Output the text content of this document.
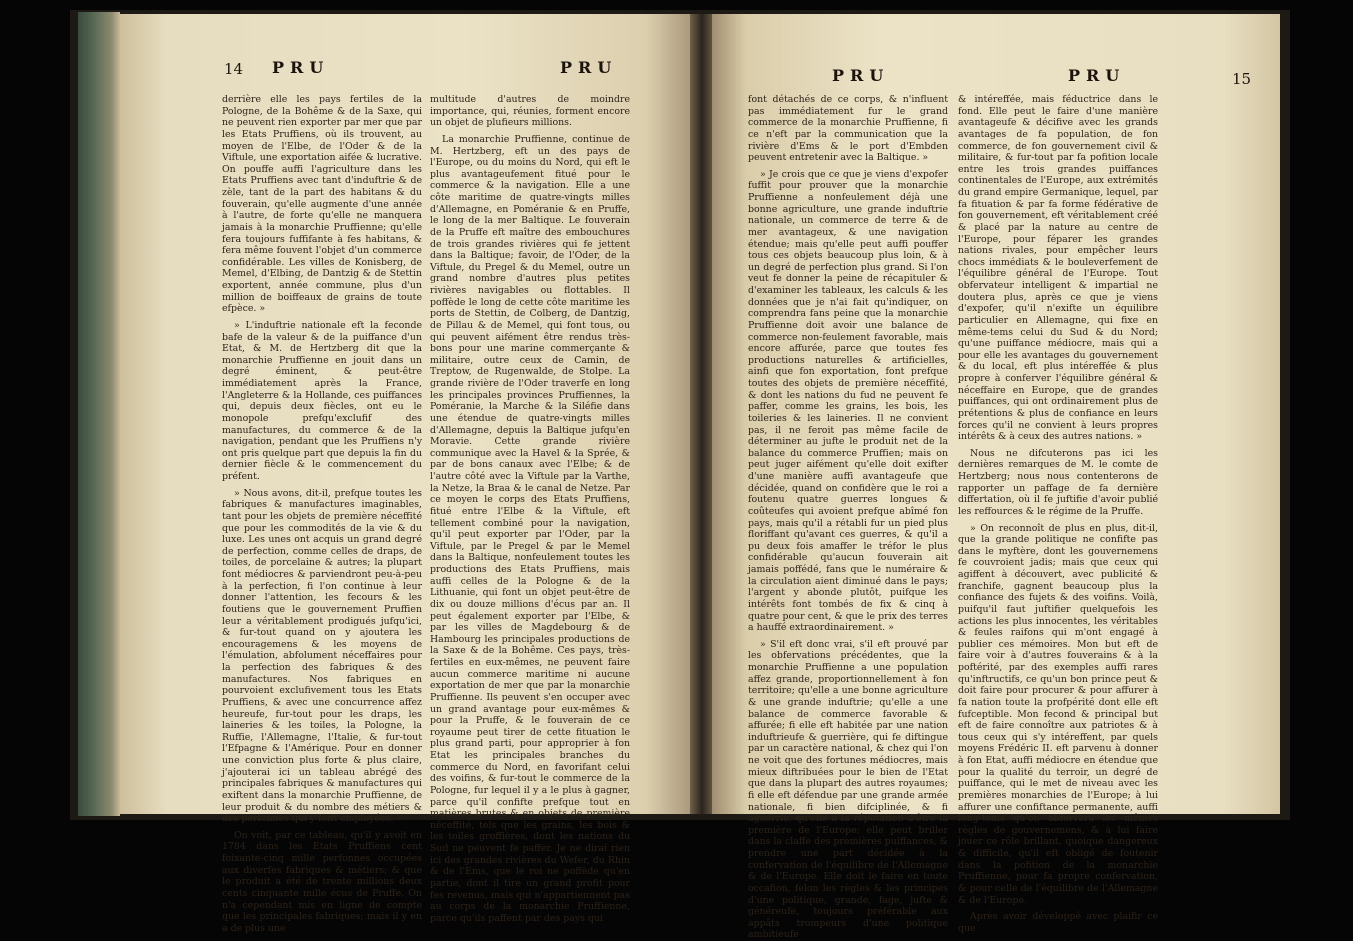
14 PRU	PRU

derrière elle les pays fertiles de la Pologne, de la Bohême & de la Saxe, qui ne peuvent rien exporter par mer que par les Etats Pruffiens, où ils trouvent, au moyen de l'Elbe, de l'Oder & de la Viftule, une exportation aifée & lucrative. On pouffe auffi l'agriculture dans les Etats Pruffiens avec tant d'induftrie & de zèle, tant de la part des habitans & du fouverain, qu'elle augmente d'une année à l'autre, de forte qu'elle ne manquera jamais à la monarchie Pruffienne; qu'elle fera toujours fuffifante à fes habitans, & fera même fouvent l'objet d'un commerce confidérable. Les villes de Konisberg, de Memel, d'Elbing, de Dantzig & de Stettin exportent, année commune, plus d'un million de boiffeaux de grains de toute efpèce. »

» L'induftrie nationale eft la feconde bafe de la valeur & de la puiffance d'un Etat, & M. de Hertzberg dit que la monarchie Pruffienne en jouit dans un degré éminent, & peut-être immédiatement après la France, l'Angleterre & la Hollande, ces puiffances qui, depuis deux fiècles, ont eu le monopole prefqu'exclufif des manufactures, du commerce & de la navigation, pendant que les Pruffiens n'y ont pris quelque part que depuis la fin du dernier fiècle & le commencement du préfent.

» Nous avons, dit-il, prefque toutes les fabriques & manufactures imaginables, tant pour les objets de première néceffité que pour les commodités de la vie & du luxe. Les unes ont acquis un grand degré de perfection, comme celles de draps, de toiles, de porcelaine & autres; la plupart font médiocres & parviendront peu-à-peu à la perfection, fi l'on continue à leur donner l'attention, les fecours & les foutiens que le gouvernement Pruffien leur a véritablement prodigués jufqu'ici, & fur-tout quand on y ajoutera les encouragemens & les moyens de l'émulation, abfolument néceffaires pour la perfection des fabriques & des manufactures. Nos fabriques en pourvoient exclufivement tous les Etats Pruffiens, & avec une concurrence affez heureufe, fur-tout pour les draps, les laineries & les toiles, la Pologne, la Ruffie, l'Allemagne, l'Italie, & fur-tout l'Efpagne & l'Amérique. Pour en donner une conviction plus forte & plus claire, j'ajouterai ici un tableau abrégé des principales fabriques & manufactures qui exiftent dans la monarchie Pruffienne, de leur produit & du nombre des métiers & des perfonnes qui y font employées. »

On voit, par ce tableau, qu'il y avoit en 1784 dans les Etats Pruffiens cent foixante-cinq mille perfonnes occupées aux diverfes fabriques & métiers; & que le produit a été de trente millions deux cents cinquante mille écus de Pruffe. On n'a cependant mis en ligne de compte que les principales fabriques; mais il y en a de plus une

multitude d'autres de moindre importance, qui, réunies, forment encore un objet de plufieurs millions.

La monarchie Pruffienne, continue de M. Hertzberg, eft un des pays de l'Europe, ou du moins du Nord, qui eft le plus avantageufement fitué pour le commerce & la navigation. Elle a une côte maritime de quatre-vingts milles d'Allemagne, en Poméranie & en Pruffe, le long de la mer Baltique. Le fouverain de la Pruffe eft maître des embouchures de trois grandes rivières qui fe jettent dans la Baltique; favoir, de l'Oder, de la Viftule, du Pregel & du Memel, outre un grand nombre d'autres plus petites rivières navigables ou flottables. Il poffède le long de cette côte maritime les ports de Stettin, de Colberg, de Dantzig, de Pillau & de Memel, qui font tous, ou qui peuvent aifément être rendus très-bons pour une marine commerçante & militaire, outre ceux de Camin, de Treptow, de Rugenwalde, de Stolpe. La grande rivière de l'Oder traverfe en long les principales provinces Pruffiennes, la Poméranie, la Marche & la Siléfie dans une étendue de quatre-vingts milles d'Allemagne, depuis la Baltique jufqu'en Moravie. Cette grande rivière communique avec la Havel & la Sprée, & par de bons canaux avec l'Elbe; & de l'autre côté avec la Viftule par la Varthe, la Netze, la Braa & le canal de Netze. Par ce moyen le corps des Etats Pruffiens, fitué entre l'Elbe & la Viftule, eft tellement combiné pour la navigation, qu'il peut exporter par l'Oder, par la Viftule, par le Pregel & par le Memel dans la Baltique, nonfeulement toutes les productions des Etats Pruffiens, mais auffi celles de la Pologne & de la Lithuanie, qui font un objet peut-être de dix ou douze millions d'écus par an. Il peut également exporter par l'Elbe, & par les villes de Magdebourg & de Hambourg les principales productions de la Saxe & de la Bohême. Ces pays, très-fertiles en eux-mêmes, ne peuvent faire aucun commerce maritime ni aucune exportation de mer que par la monarchie Pruffienne. Ils peuvent s'en occuper avec un grand avantage pour eux-mêmes & pour la Pruffe, & le fouverain de ce royaume peut tirer de cette fituation le plus grand parti, pour approprier à fon Etat les principales branches du commerce du Nord, en favorifant celui des voifins, & fur-tout le commerce de la Pologne, fur lequel il y a le plus à gagner, parce qu'il confifte prefque tout en matières brutes & en objets de première néceffité, tels que les grains, les bois & les toiles groffières, dont les nations du Sud ne peuvent fe paffer. Je ne dirai rien ici des grandes rivières du Wefer, du Rhin & de l'Ems, que le roi ne poffède qu'en partie, dont il tire un grand profit pour fes revenus, mais qui n'appartiennent pas au corps de la monarchie Pruffienne, parce qu'ils paffent par des pays qui

PRU	PRU	15

font détachés de ce corps, & n'influent pas immédiatement fur le grand commerce de la monarchie Pruffienne, fi ce n'eft par la communication que la rivière d'Ems & le port d'Embden peuvent entretenir avec la Baltique. »

» Je crois que ce que je viens d'expofer fuffit pour prouver que la monarchie Pruffienne a nonfeulement déjà une bonne agriculture, une grande induftrie nationale, un commerce de terre & de mer avantageux, & une navigation étendue; mais qu'elle peut auffi pouffer tous ces objets beaucoup plus loin, & à un degré de perfection plus grand. Si l'on veut fe donner la peine de récapituler & d'examiner les tableaux, les calculs & les données que je n'ai fait qu'indiquer, on comprendra fans peine que la monarchie Pruffienne doit avoir une balance de commerce non-feulement favorable, mais encore affurée, parce que toutes fes productions naturelles & artificielles, ainfi que fon exportation, font prefque toutes des objets de première néceffité, & dont les nations du fud ne peuvent fe paffer, comme les grains, les bois, les toileries & les laineries. Il ne convient pas, il ne feroit pas même facile de déterminer au jufte le produit net de la balance du commerce Pruffien; mais on peut juger aifément qu'elle doit exifter d'une manière auffi avantageufe que décidée, quand on confidère que le roi a foutenu quatre guerres longues & coûteufes qui avoient prefque abîmé fon pays, mais qu'il a rétabli fur un pied plus floriffant qu'avant ces guerres, & qu'il a pu deux fois amaffer le tréfor le plus confidérable qu'aucun fouverain ait jamais poffédé, fans que le numéraire & la circulation aient diminué dans le pays; l'argent y abonde plutôt, puifque les intérêts font tombés de fix & cinq à quatre pour cent, & que le prix des terres a hauffé extraordinairement. »

» S'il eft donc vrai, s'il eft prouvé par les obfervations précédentes, que la monarchie Pruffienne a une population affez grande, proportionnellement à fon territoire; qu'elle a une bonne agriculture & une grande induftrie; qu'elle a une balance de commerce favorable & affurée; fi elle eft habitée par une nation induftrieufe & guerrière, qui fe diftingue par un caractère national, & chez qui l'on ne voit que des fortunes médiocres, mais mieux diftribuées pour le bien de l'Etat que dans la plupart des autres royaumes; fi elle eft défendue par une grande armée nationale, fi bien difciplinée, & fi aguerrie, qu'elle a la réputation d'être la première de l'Europe; elle peut briller dans la claffe des premières puiffances, & prendre une part décidée à la confervation de l'équilibre de l'Allemagne & de l'Europe. Elle doit le faire en toute occafion, felon les règles & les principes d'une politique, grande, fage, jufte & généreufe, toujours préférable aux appâts trompeurs d'une politique ambitieufe

& intéreffée, mais féductrice dans le fond. Elle peut le faire d'une manière avantageufe & décifive avec les grands avantages de fa population, de fon commerce, de fon gouvernement civil & militaire, & fur-tout par fa pofition locale entre les trois grandes puiffances continentales de l'Europe, aux extrémités du grand empire Germanique, lequel, par fa fituation & par fa forme fédérative de fon gouvernement, eft véritablement créé & placé par la nature au centre de l'Europe, pour féparer les grandes nations rivales, pour empêcher leurs chocs immédiats & le bouleverfement de l'équilibre général de l'Europe. Tout obfervateur intelligent & impartial ne doutera plus, après ce que je viens d'expofer, qu'il n'exifte un équilibre particulier en Allemagne, qui fixe en même-tems celui du Sud & du Nord; qu'une puiffance médiocre, mais qui a pour elle les avantages du gouvernement & du local, eft plus intéreffée & plus propre à conferver l'équilibre général & néceffaire en Europe, que de grandes puiffances, qui ont ordinairement plus de prétentions & plus de confiance en leurs forces qu'il ne convient à leurs propres intérêts & à ceux des autres nations. »

Nous ne difcuterons pas ici les dernières remarques de M. le comte de Hertzberg; nous nous contenterons de rapporter un paffage de fa dernière differtation, où il fe juftifie d'avoir publié les reffources & le régime de la Pruffe.

» On reconnoît de plus en plus, dit-il, que la grande politique ne confifte pas dans le myftère, dont les gouvernemens fe couvroient jadis; mais que ceux qui agiffent à découvert, avec publicité & franchife, gagnent beaucoup plus la confiance des fujets & des voifins. Voilà, puifqu'il faut juftifier quelquefois les actions les plus innocentes, les véritables & feules raifons qui m'ont engagé à publier ces mémoires. Mon but eft de faire voir à d'autres fouverains & à la poftérité, par des exemples auffi rares qu'inftructifs, ce qu'un bon prince peut & doit faire pour procurer & pour affurer à fa nation toute la profpérité dont elle eft fufceptible. Mon fecond & principal but eft de faire connoître aux patriotes & à tous ceux qui s'y intéreffent, par quels moyens Frédéric II. eft parvenu à donner à fon Etat, auffi médiocre en étendue que pour la qualité du terroir, un degré de puiffance, qui le met de niveau avec les premières monarchies de l'Europe; à lui affurer une confiftance permanente, auffi long-tems qu'on obfervera les mêmes règles de gouvernemens, & à lui faire jouer ce rôle brillant, quoique dangereux & difficile, qu'il eft obligé de foutenir dans la pofition de la monarchie Pruffienne, pour fa propre confervation, & pour celle de l'équilibre de l'Allemagne & de l'Europe.

Après avoir développé avec plaifir ce que
